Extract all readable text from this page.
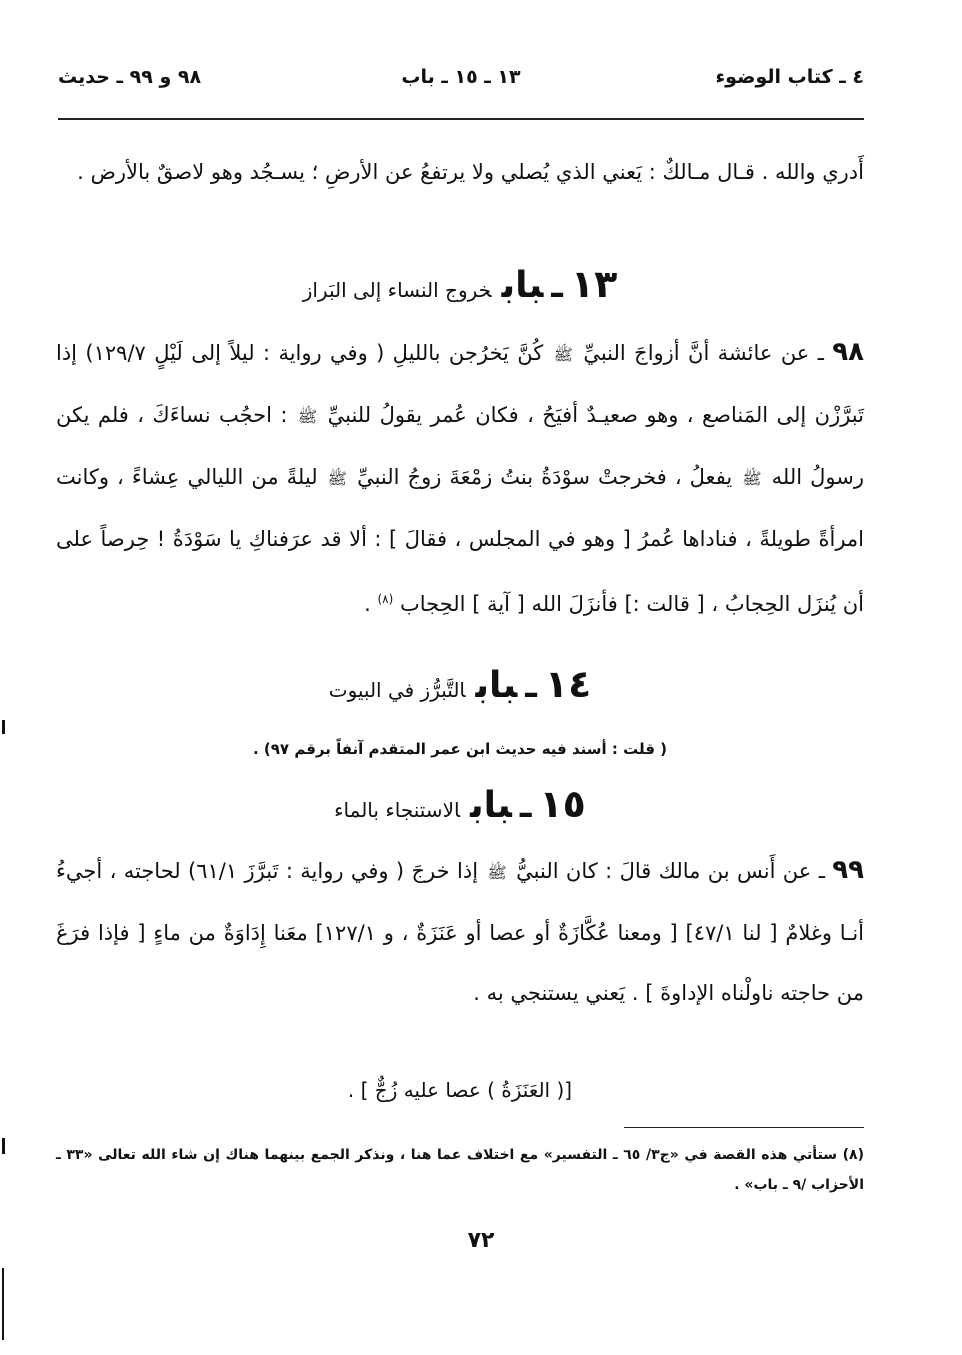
٤ ـ كتاب الوضوء
١٣ ـ ١٥ ـ باب
٩٨ و ٩٩ ـ حديث
أَدري والله . قـال مـالكٌ : يَعني الذي يُصلي ولا يرتفعُ عن الأرضِ ؛ يسـجُد وهو لاصقٌ بالأرض .
١٣ـبابخروج النساء إلى البَراز
٩٨ ـ عن عائشة أنَّ أزواجَ النبيِّ ﷺ كُنَّ يَخرُجن بالليلِ ( وفي رواية : ليلاً إلى لَيْلٍ ١٢٩/٧) إذا تَبرَّزْن إلى المَناصع ، وهو صعيـدٌ أفيَحُ ، فكان عُمر يقولُ للنبيِّ ﷺ : احجُب نساءَكَ ، فلم يكن رسولُ الله ﷺ يفعلُ ، فخرجتْ سوْدَةُ بنتُ زمْعَةَ زوجُ النبيِّ ﷺ ليلةً من الليالي عِشاءً ، وكانت امرأةً طويلةً ، فناداها عُمرُ [ وهو في المجلس ، فقالَ ] : ألا قد عرَفناكِ يا سَوْدَةُ ! حِرصاً على أن يُنزَل الحِجابُ ، [ قالت :] فأنزَلَ الله [ آية ] الحِجاب $^{(٨)}$ .
١٤ـبابالتَّبرُّز في البيوت
( قلت : أسند فيه حديث ابن عمر المتقدم آنفاً برقم ٩٧) .
١٥ـبابالاستنجاء بالماء
٩٩ ـ عن أَنس بن مالك قالَ : كان النبيُّ ﷺ إذا خرجَ ( وفي رواية : تَبرَّزَ ٦١/١) لحاجته ، أجيءُ أنـا وغلامٌ [ لنا ٤٧/١] [ ومعنا عُكَّازَةٌ أو عصا أو عَنَزَةٌ ، و ١٢٧/١] معَنا إِدَاوَةٌ من ماءٍ [ فإذا فرَغَ من حاجته ناولْناه الإداوةَ ] . يَعني يستنجي به .
[( العَنَزَةُ ) عصا عليه زُجٌّ ] .
(٨) ستأتي هذه القصة في «ج٣/ ٦٥ ـ التفسير» مع اختلاف عما هنا ، ونذكر الجمع بينهما هناك إن شاء الله تعالى «٣٣ ـ الأحزاب /٩ ـ باب» .
٧٢
